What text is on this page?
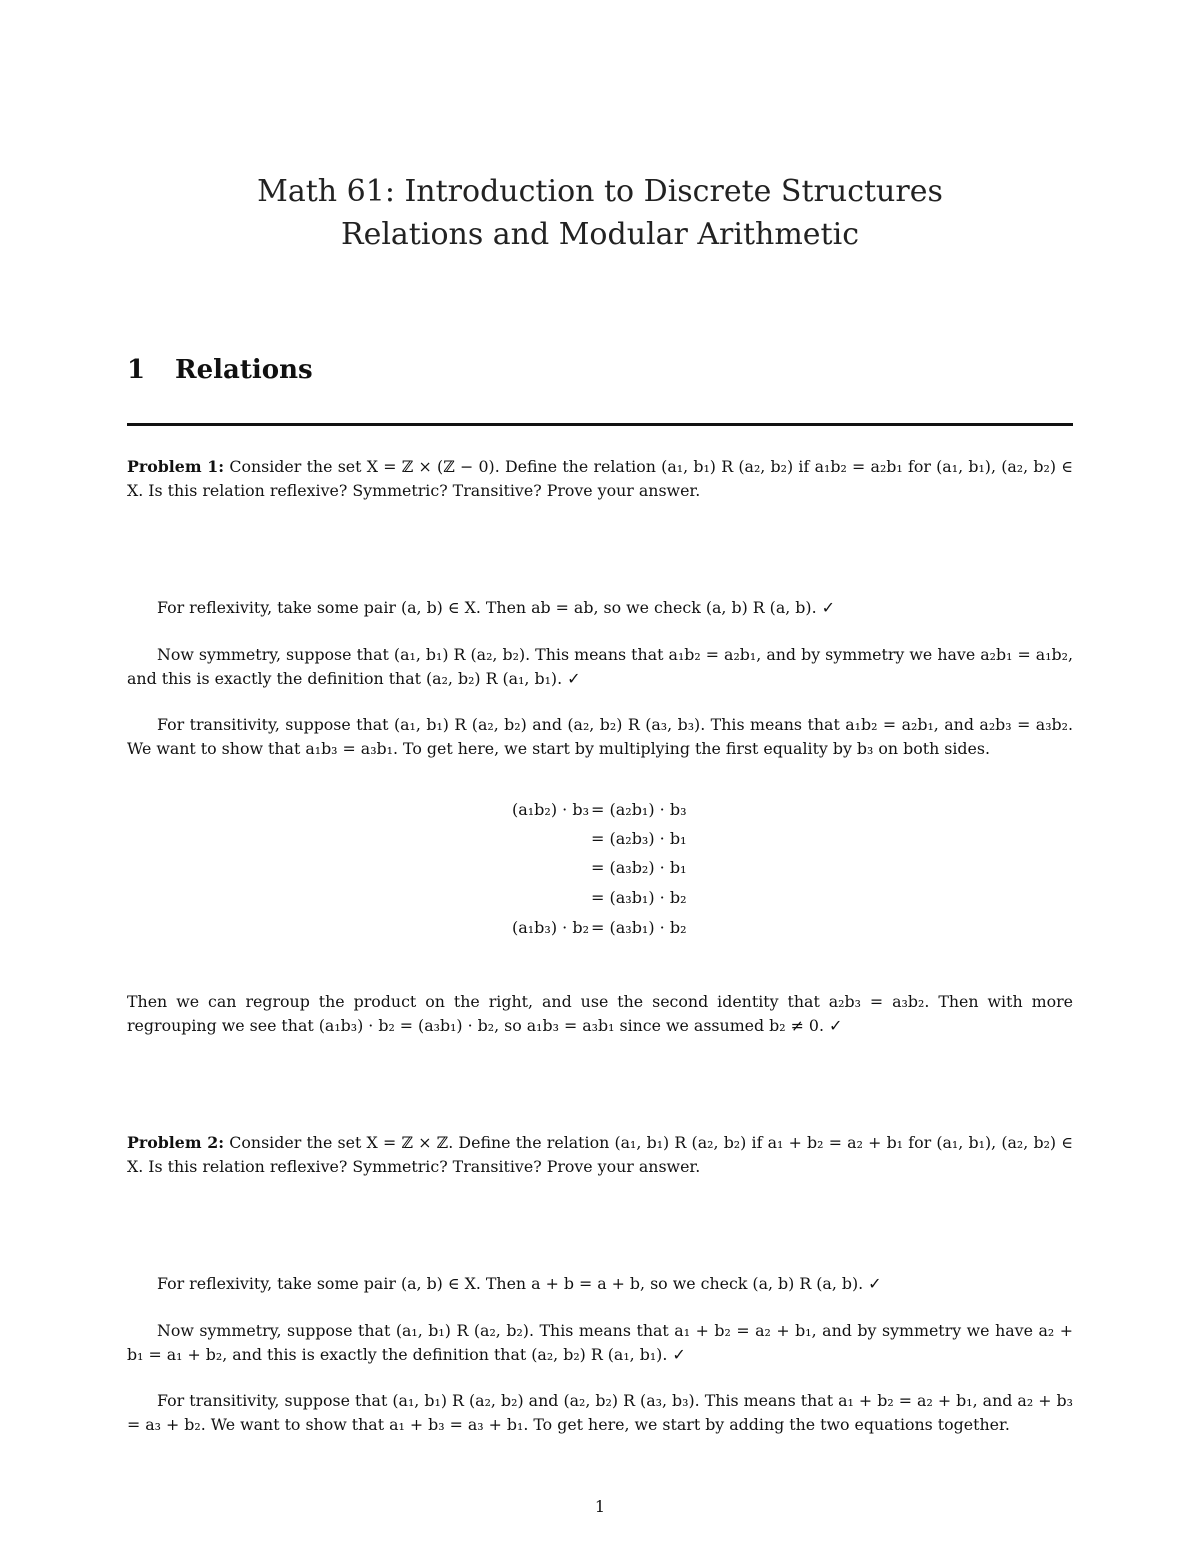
Math 61: Introduction to Discrete Structures
Relations and Modular Arithmetic
1 Relations

Problem 1: Consider the set X = ℤ × (ℤ − 0). Define the relation (a₁, b₁) R (a₂, b₂) if a₁b₂ = a₂b₁ for (a₁, b₁), (a₂, b₂) ∈ X. Is this relation reflexive? Symmetric? Transitive? Prove your answer.

For reflexivity, take some pair (a, b) ∈ X. Then ab = ab, so we check (a, b) R (a, b). ✓

Now symmetry, suppose that (a₁, b₁) R (a₂, b₂). This means that a₁b₂ = a₂b₁, and by symmetry we have a₂b₁ = a₁b₂, and this is exactly the definition that (a₂, b₂) R (a₁, b₁). ✓

For transitivity, suppose that (a₁, b₁) R (a₂, b₂) and (a₂, b₂) R (a₃, b₃). This means that a₁b₂ = a₂b₁, and a₂b₃ = a₃b₂. We want to show that a₁b₃ = a₃b₁. To get here, we start by multiplying the first equality by b₃ on both sides.

(a₁b₂) · b₃ = (a₂b₁) · b₃
= (a₂b₃) · b₁
= (a₃b₂) · b₁
= (a₃b₁) · b₂
(a₁b₃) · b₂ = (a₃b₁) · b₂

Then we can regroup the product on the right, and use the second identity that a₂b₃ = a₃b₂. Then with more regrouping we see that (a₁b₃) · b₂ = (a₃b₁) · b₂, so a₁b₃ = a₃b₁ since we assumed b₂ ≠ 0. ✓

Problem 2: Consider the set X = ℤ × ℤ. Define the relation (a₁, b₁) R (a₂, b₂) if a₁ + b₂ = a₂ + b₁ for (a₁, b₁), (a₂, b₂) ∈ X. Is this relation reflexive? Symmetric? Transitive? Prove your answer.

For reflexivity, take some pair (a, b) ∈ X. Then a + b = a + b, so we check (a, b) R (a, b). ✓

Now symmetry, suppose that (a₁, b₁) R (a₂, b₂). This means that a₁ + b₂ = a₂ + b₁, and by symmetry we have a₂ + b₁ = a₁ + b₂, and this is exactly the definition that (a₂, b₂) R (a₁, b₁). ✓

For transitivity, suppose that (a₁, b₁) R (a₂, b₂) and (a₂, b₂) R (a₃, b₃). This means that a₁ + b₂ = a₂ + b₁, and a₂ + b₃ = a₃ + b₂. We want to show that a₁ + b₃ = a₃ + b₁. To get here, we start by adding the two equations together.

1
